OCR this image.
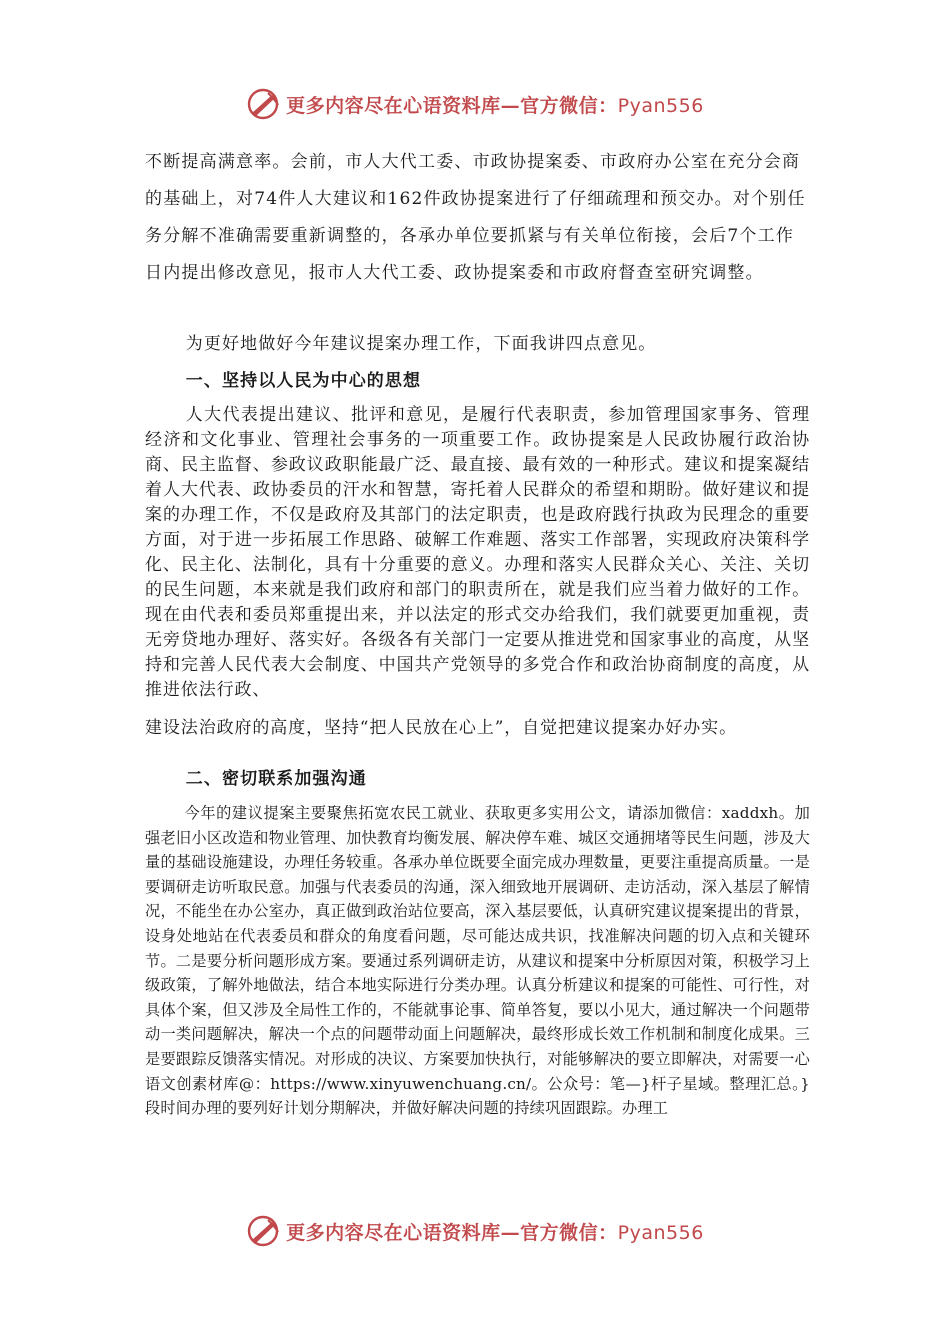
更多内容尽在心语资料库—官方微信：Pyan556

不断提高满意率。会前，市人大代工委、市政协提案委、市政府办公室在充分会商的基础上，对74件人大建议和162件政协提案进行了仔细疏理和预交办。对个别任务分解不准确需要重新调整的，各承办单位要抓紧与有关单位衔接，会后7个工作日内提出修改意见，报市人大代工委、政协提案委和市政府督查室研究调整。

为更好地做好今年建议提案办理工作，下面我讲四点意见。

一、坚持以人民为中心的思想

人大代表提出建议、批评和意见，是履行代表职责，参加管理国家事务、管理经济和文化事业、管理社会事务的一项重要工作。政协提案是人民政协履行政治协商、民主监督、参政议政职能最广泛、最直接、最有效的一种形式。建议和提案凝结着人大代表、政协委员的汗水和智慧，寄托着人民群众的希望和期盼。做好建议和提案的办理工作，不仅是政府及其部门的法定职责，也是政府践行执政为民理念的重要方面，对于进一步拓展工作思路、破解工作难题、落实工作部署，实现政府决策科学化、民主化、法制化，具有十分重要的意义。办理和落实人民群众关心、关注、关切的民生问题，本来就是我们政府和部门的职责所在，就是我们应当着力做好的工作。现在由代表和委员郑重提出来，并以法定的形式交办给我们，我们就要更加重视，责无旁贷地办理好、落实好。各级各有关部门一定要从推进党和国家事业的高度，从坚持和完善人民代表大会制度、中国共产党领导的多党合作和政治协商制度的高度，从推进依法行政、

建设法治政府的高度，坚持“把人民放在心上”，自觉把建议提案办好办实。

二、密切联系加强沟通

今年的建议提案主要聚焦拓宽农民工就业、获取更多实用公文，请添加微信：xaddxh。加强老旧小区改造和物业管理、加快教育均衡发展、解决停车难、城区交通拥堵等民生问题，涉及大量的基础设施建设，办理任务较重。各承办单位既要全面完成办理数量，更要注重提高质量。一是要调研走访听取民意。加强与代表委员的沟通，深入细致地开展调研、走访活动，深入基层了解情况，不能坐在办公室办，真正做到政治站位要高，深入基层要低，认真研究建议提案提出的背景，设身处地站在代表委员和群众的角度看问题，尽可能达成共识，找准解决问题的切入点和关键环节。二是要分析问题形成方案。要通过系列调研走访，从建议和提案中分析原因对策，积极学习上级政策，了解外地做法，结合本地实际进行分类办理。认真分析建议和提案的可能性、可行性，对具体个案，但又涉及全局性工作的，不能就事论事、简单答复，要以小见大，通过解决一个问题带动一类问题解决，解决一个点的问题带动面上问题解决，最终形成长效工作机制和制度化成果。三是要跟踪反馈落实情况。对形成的决议、方案要加快执行，对能够解决的要立即解决，对需要一心语文创素材库@：https://www.xinyuwenchuang.cn/。公众号：笔—}杆子星域。整理汇总。}段时间办理的要列好计划分期解决，并做好解决问题的持续巩固跟踪。办理工

更多内容尽在心语资料库—官方微信：Pyan556
